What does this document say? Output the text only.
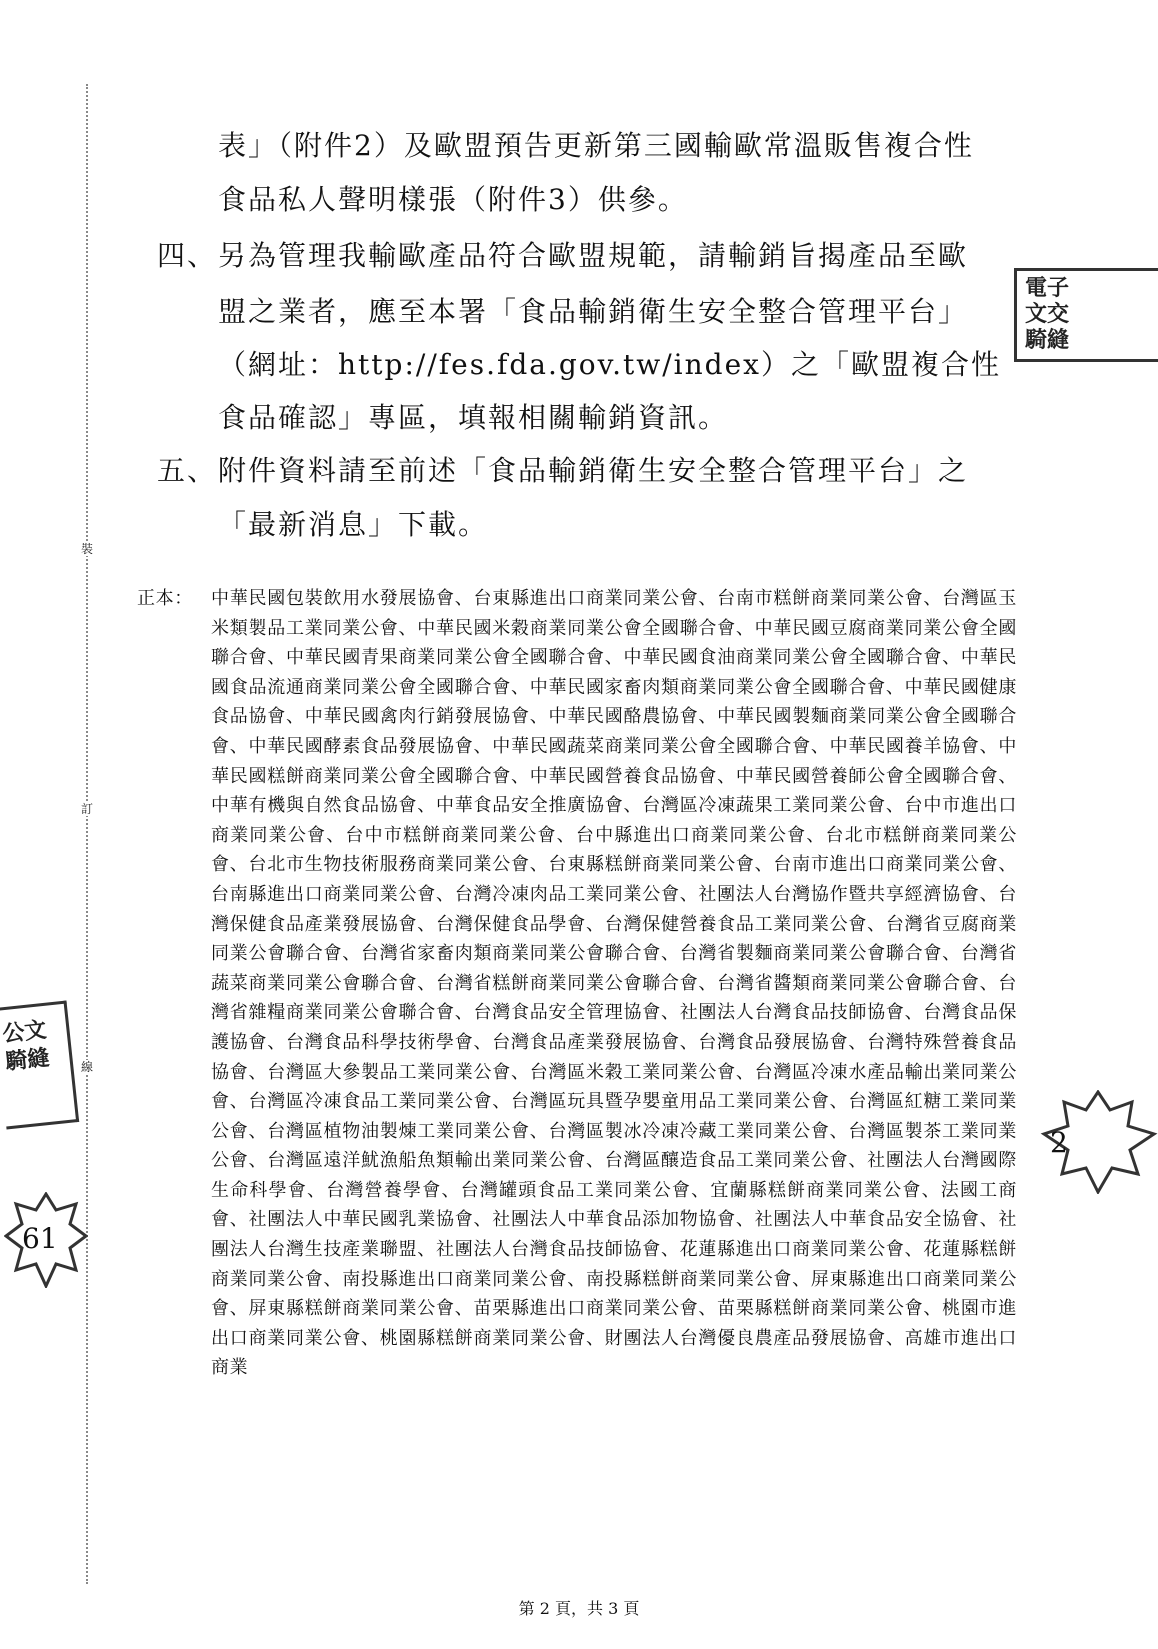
裝
訂
線
表」（附件2）及歐盟預告更新第三國輸歐常溫販售複合性
食品私人聲明樣張（附件3）供參。
四、 另為管理我輸歐產品符合歐盟規範，請輸銷旨揭產品至歐
盟之業者，應至本署「食品輸銷衛生安全整合管理平台」
（網址：http://fes.fda.gov.tw/index）之「歐盟複合性
食品確認」專區，填報相關輸銷資訊。
五、 附件資料請至前述「食品輸銷衛生安全整合管理平台」之
「最新消息」下載。
正本： 中華民國包裝飲用水發展協會、台東縣進出口商業同業公會、台南市糕餅商業同業公會、台灣區玉米類製品工業同業公會、中華民國米穀商業同業公會全國聯合會、中華民國豆腐商業同業公會全國聯合會、中華民國青果商業同業公會全國聯合會、中華民國食油商業同業公會全國聯合會、中華民國食品流通商業同業公會全國聯合會、中華民國家畜肉類商業同業公會全國聯合會、中華民國健康食品協會、中華民國禽肉行銷發展協會、中華民國酪農協會、中華民國製麵商業同業公會全國聯合會、中華民國酵素食品發展協會、中華民國蔬菜商業同業公會全國聯合會、中華民國養羊協會、中華民國糕餅商業同業公會全國聯合會、中華民國營養食品協會、中華民國營養師公會全國聯合會、中華有機與自然食品協會、中華食品安全推廣協會、台灣區冷凍蔬果工業同業公會、台中市進出口商業同業公會、台中市糕餅商業同業公會、台中縣進出口商業同業公會、台北市糕餅商業同業公會、台北市生物技術服務商業同業公會、台東縣糕餅商業同業公會、台南市進出口商業同業公會、台南縣進出口商業同業公會、台灣冷凍肉品工業同業公會、社團法人台灣協作暨共享經濟協會、台灣保健食品產業發展協會、台灣保健食品學會、台灣保健營養食品工業同業公會、台灣省豆腐商業同業公會聯合會、台灣省家畜肉類商業同業公會聯合會、台灣省製麵商業同業公會聯合會、台灣省蔬菜商業同業公會聯合會、台灣省糕餅商業同業公會聯合會、台灣省醬類商業同業公會聯合會、台灣省雜糧商業同業公會聯合會、台灣食品安全管理協會、社團法人台灣食品技師協會、台灣食品保護協會、台灣食品科學技術學會、台灣食品產業發展協會、台灣食品發展協會、台灣特殊營養食品協會、台灣區大參製品工業同業公會、台灣區米穀工業同業公會、台灣區冷凍水產品輸出業同業公會、台灣區冷凍食品工業同業公會、台灣區玩具暨孕嬰童用品工業同業公會、台灣區紅糖工業同業公會、台灣區植物油製煉工業同業公會、台灣區製冰冷凍冷藏工業同業公會、台灣區製茶工業同業公會、台灣區遠洋魷漁船魚類輸出業同業公會、台灣區釀造食品工業同業公會、社團法人台灣國際生命科學會、台灣營養學會、台灣罐頭食品工業同業公會、宜蘭縣糕餅商業同業公會、法國工商會、社團法人中華民國乳業協會、社團法人中華食品添加物協會、社團法人中華食品安全協會、社團法人台灣生技產業聯盟、社團法人台灣食品技師協會、花蓮縣進出口商業同業公會、花蓮縣糕餅商業同業公會、南投縣進出口商業同業公會、南投縣糕餅商業同業公會、屏東縣進出口商業同業公會、屏東縣糕餅商業同業公會、苗栗縣進出口商業同業公會、苗栗縣糕餅商業同業公會、桃園市進出口商業同業公會、桃園縣糕餅商業同業公會、財團法人台灣優良農產品發展協會、高雄市進出口商業
電子
文交
騎縫
公文
騎縫
61
2
第 2 頁，共 3 頁
